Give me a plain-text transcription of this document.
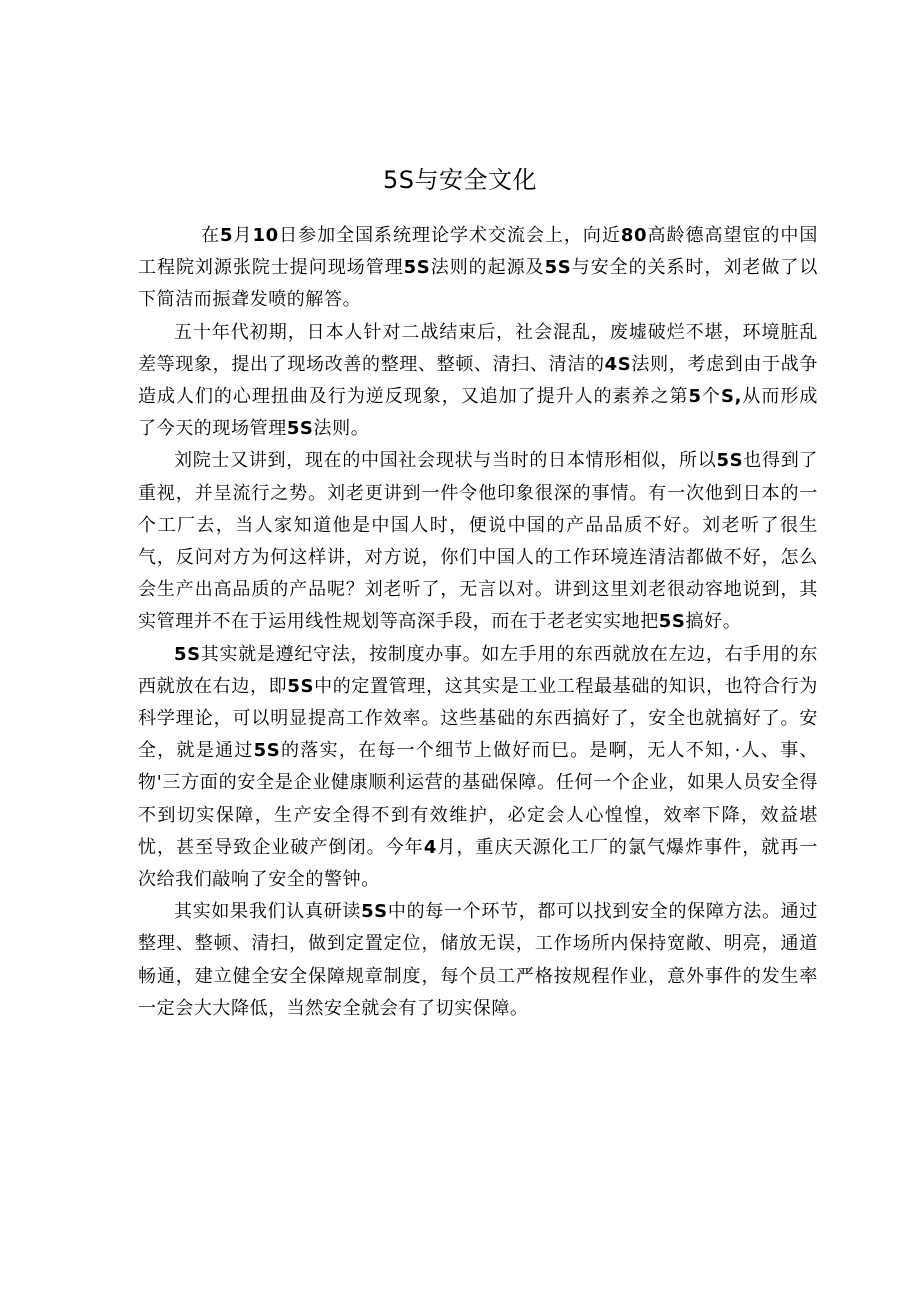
5S与安全文化

在5月10日参加全国系统理论学术交流会上，向近80高龄德高望宦的中国工程院刘源张院士提问现场管理5S法则的起源及5S与安全的关系时，刘老做了以下简洁而振聋发喷的解答。

五十年代初期，日本人针对二战结束后，社会混乱，废墟破烂不堪，环境脏乱差等现象，提出了现场改善的整理、整顿、清扫、清洁的4S法则，考虑到由于战争造成人们的心理扭曲及行为逆反现象，又追加了提升人的素养之第5个S,从而形成了今天的现场管理5S法则。

刘院士又讲到，现在的中国社会现状与当时的日本情形相似，所以5S也得到了重视，并呈流行之势。刘老更讲到一件令他印象很深的事情。有一次他到日本的一个工厂去，当人家知道他是中国人时，便说中国的产品品质不好。刘老听了很生气，反问对方为何这样讲，对方说，你们中国人的工作环境连清洁都做不好，怎么会生产出高品质的产品呢？刘老听了，无言以对。讲到这里刘老很动容地说到，其实管理并不在于运用线性规划等高深手段，而在于老老实实地把5S搞好。

5S其实就是遵纪守法，按制度办事。如左手用的东西就放在左边，右手用的东西就放在右边，即5S中的定置管理，这其实是工业工程最基础的知识，也符合行为科学理论，可以明显提高工作效率。这些基础的东西搞好了，安全也就搞好了。安全，就是通过5S的落实，在每一个细节上做好而巳。是啊，无人不知，·人、事、物'三方面的安全是企业健康顺利运营的基础保障。任何一个企业，如果人员安全得不到切实保障，生产安全得不到有效维护，必定会人心惶惶，效率下降，效益堪忧，甚至导致企业破产倒闭。今年4月，重庆天源化工厂的氯气爆炸事件，就再一次给我们敲响了安全的警钟。

其实如果我们认真研读5S中的每一个环节，都可以找到安全的保障方法。通过整理、整顿、清扫，做到定置定位，储放无误，工作场所内保持宽敞、明亮，通道畅通，建立健全安全保障规章制度，每个员工严格按规程作业，意外事件的发生率一定会大大降低，当然安全就会有了切实保障。
